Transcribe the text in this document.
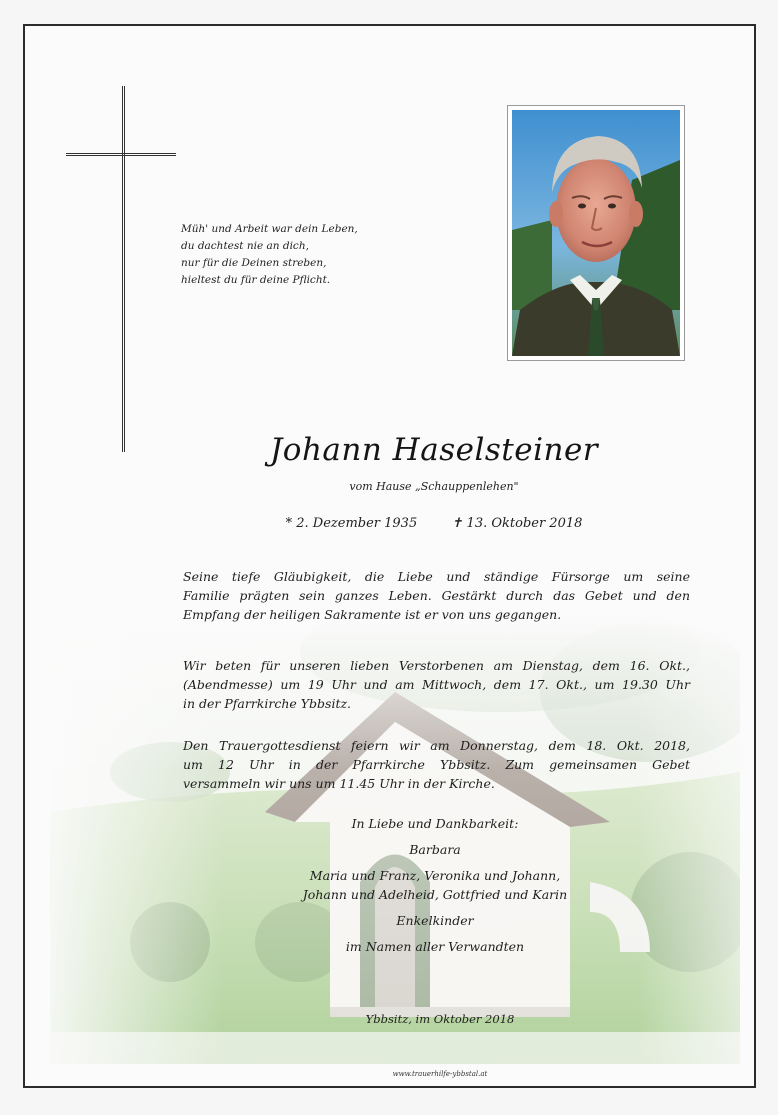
Müh' und Arbeit war dein Leben,
du dachtest nie an dich,
nur für die Deinen streben,
hieltest du für deine Pflicht.
Johann Haselsteiner
vom Hause „Schauppenlehen"
* 2. Dezember 1935	✝ 13. Oktober 2018
Seine tiefe Gläubigkeit, die Liebe und ständige Fürsorge um seine
Familie prägten sein ganzes Leben. Gestärkt durch das Gebet und den
Empfang der heiligen Sakramente ist er von uns gegangen.
Wir beten für unseren lieben Verstorbenen am Dienstag, dem 16. Okt.,
(Abendmesse) um 19 Uhr und am Mittwoch, dem 17. Okt., um 19.30 Uhr
in der Pfarrkirche Ybbsitz.
Den Trauergottesdienst feiern wir am Donnerstag, dem 18. Okt. 2018,
um 12 Uhr in der Pfarrkirche Ybbsitz. Zum gemeinsamen Gebet
versammeln wir uns um 11.45 Uhr in der Kirche.
In Liebe und Dankbarkeit:
Barbara
Maria und Franz, Veronika und Johann,
Johann und Adelheid, Gottfried und Karin
Enkelkinder
im Namen aller Verwandten
Ybbsitz, im Oktober 2018
www.trauerhilfe-ybbstal.at
